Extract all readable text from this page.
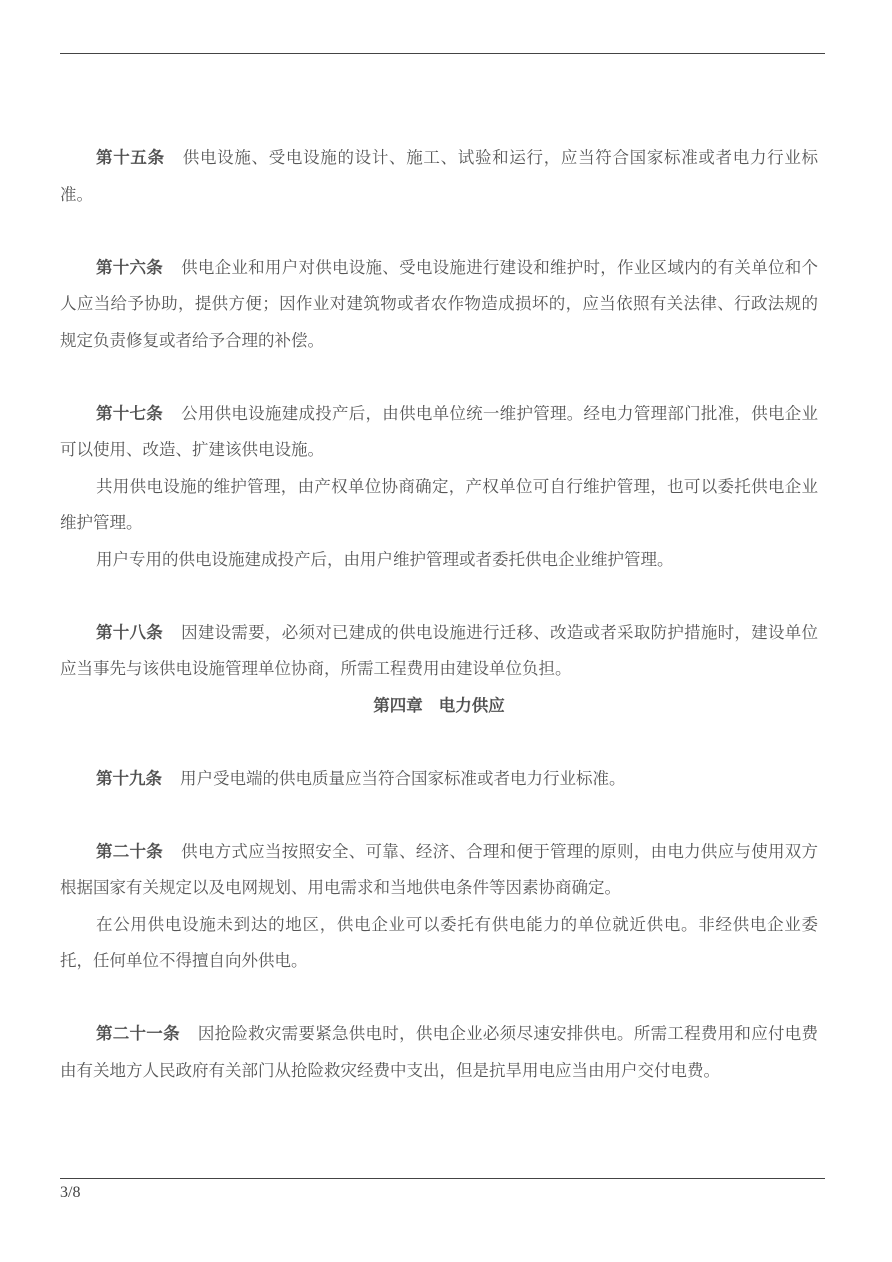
第十五条 供电设施、受电设施的设计、施工、试验和运行，应当符合国家标准或者电力行业标准。

第十六条 供电企业和用户对供电设施、受电设施进行建设和维护时，作业区域内的有关单位和个人应当给予协助，提供方便；因作业对建筑物或者农作物造成损坏的，应当依照有关法律、行政法规的规定负责修复或者给予合理的补偿。

第十七条 公用供电设施建成投产后，由供电单位统一维护管理。经电力管理部门批准，供电企业可以使用、改造、扩建该供电设施。

共用供电设施的维护管理，由产权单位协商确定，产权单位可自行维护管理，也可以委托供电企业维护管理。

用户专用的供电设施建成投产后，由用户维护管理或者委托供电企业维护管理。

第十八条 因建设需要，必须对已建成的供电设施进行迁移、改造或者采取防护措施时，建设单位应当事先与该供电设施管理单位协商，所需工程费用由建设单位负担。

第四章 电力供应

第十九条 用户受电端的供电质量应当符合国家标准或者电力行业标准。

第二十条 供电方式应当按照安全、可靠、经济、合理和便于管理的原则，由电力供应与使用双方根据国家有关规定以及电网规划、用电需求和当地供电条件等因素协商确定。

在公用供电设施未到达的地区，供电企业可以委托有供电能力的单位就近供电。非经供电企业委托，任何单位不得擅自向外供电。

第二十一条 因抢险救灾需要紧急供电时，供电企业必须尽速安排供电。所需工程费用和应付电费由有关地方人民政府有关部门从抢险救灾经费中支出，但是抗旱用电应当由用户交付电费。

3/8
